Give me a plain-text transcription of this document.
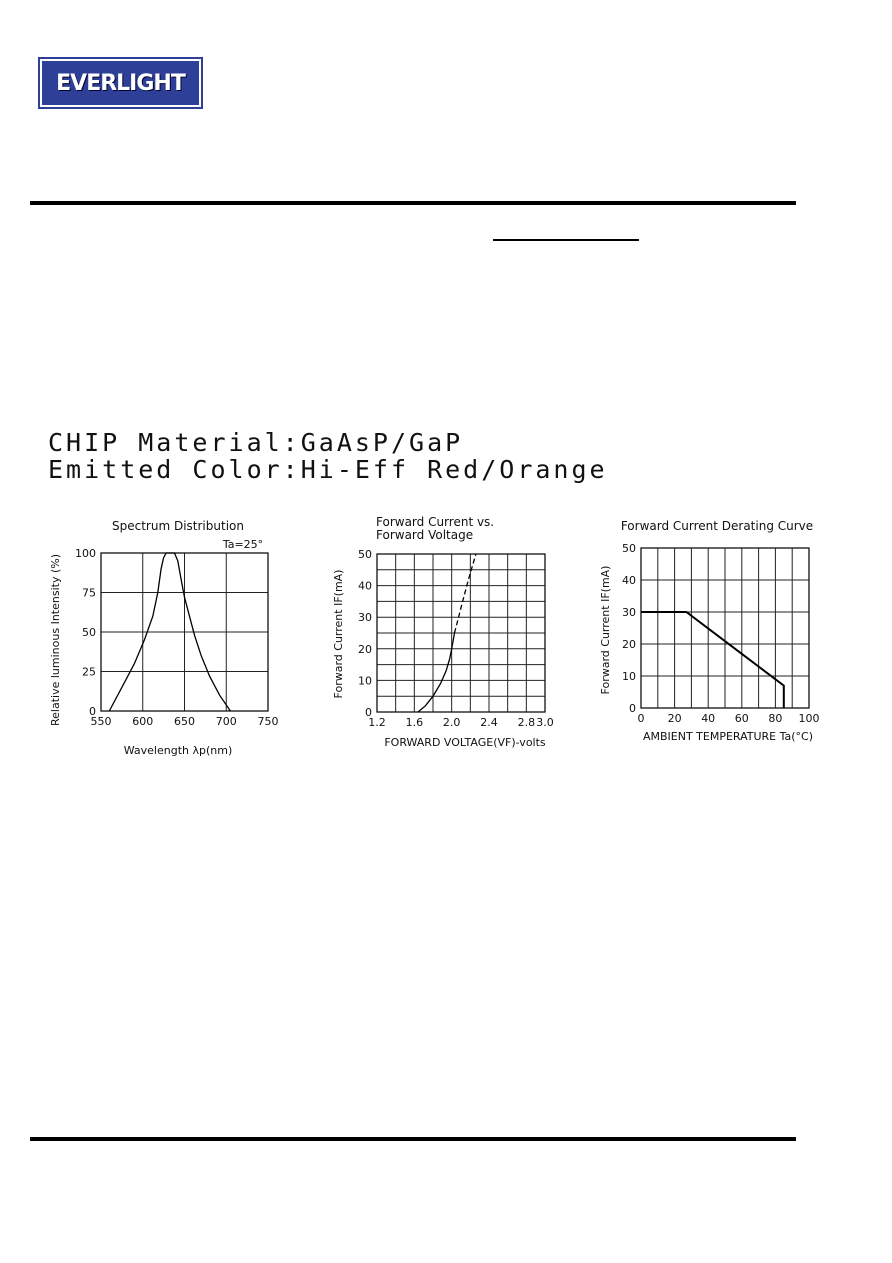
EVERLIGHT
CHIP Material:GaAsP/GaP
Emitted Color:Hi-Eff Red/Orange
Spectrum Distribution
Ta=25°
Wavelength λp(nm)
Relative luminous Intensity (%)	550 600 650 700 750
0
25
50
75
100
Forward Current vs.
Forward Voltage
FORWARD VOLTAGE(VF)-volts
Forward Current IF(mA)
1.2 1.6 2.0 2.4 2.8 3.0
0
10
20
30
40
50
Forward Current Derating Curve
AMBIENT TEMPERATURE Ta(°C)
Forward Current IF(mA)
0 20 40 60 80 100
0
10
20
30
40
50
